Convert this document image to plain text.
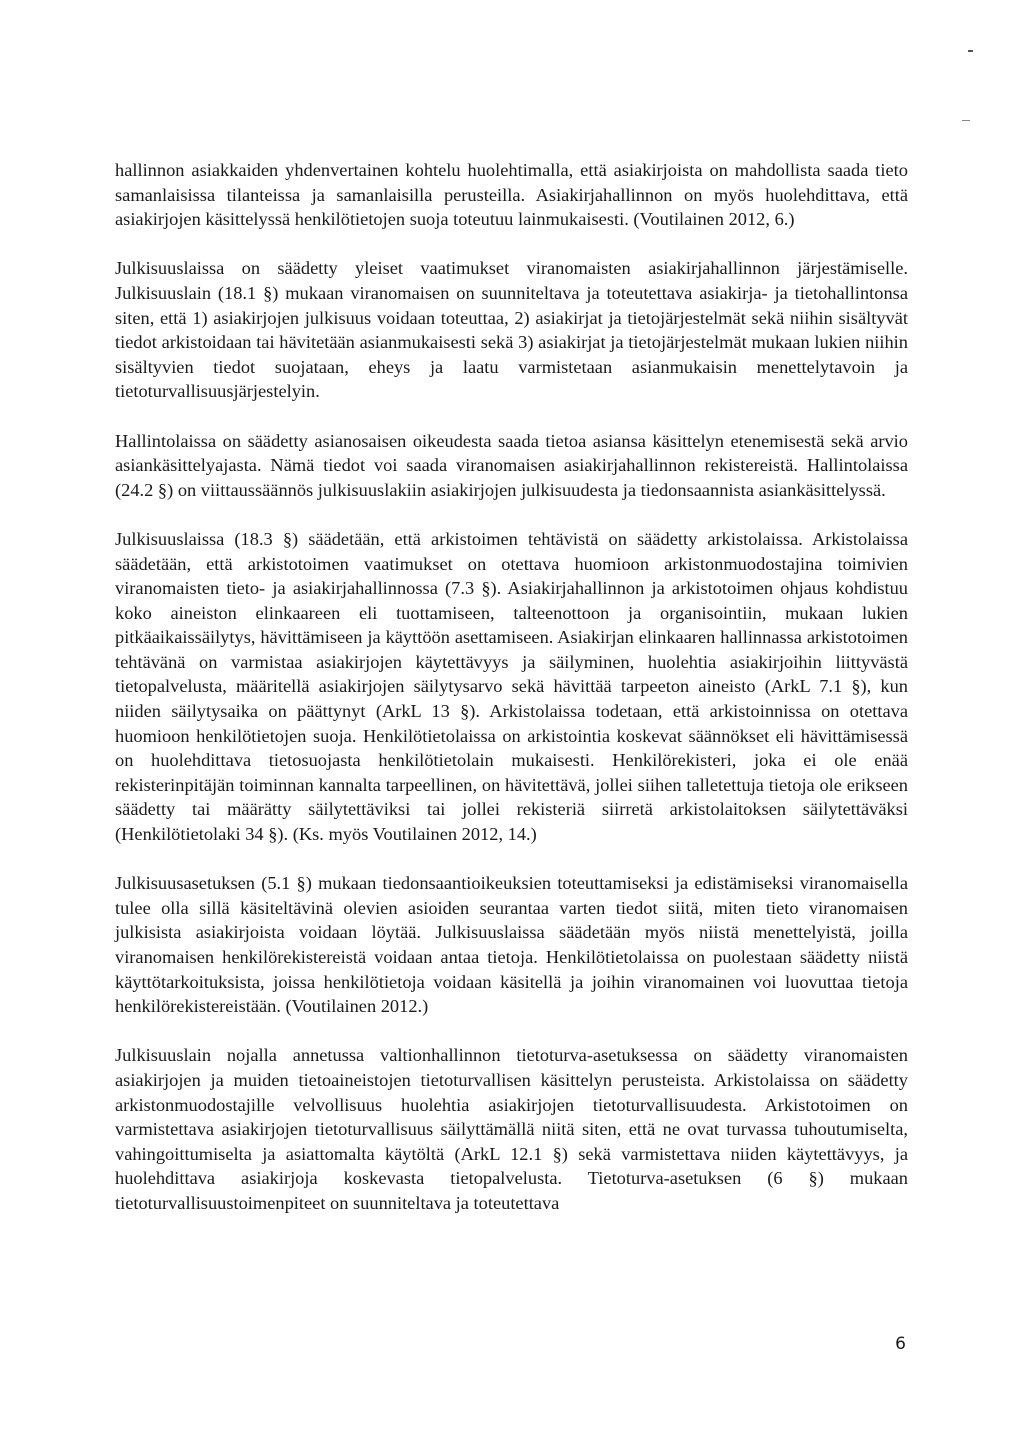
hallinnon asiakkaiden yhdenvertainen kohtelu huolehtimalla, että asiakirjoista on mahdollista saada tieto samanlaisissa tilanteissa ja samanlaisilla perusteilla. Asiakirjahallinnon on myös huolehdittava, että asiakirjojen käsittelyssä henkilötietojen suoja toteutuu lainmukaisesti. (Voutilainen 2012, 6.)

Julkisuuslaissa on säädetty yleiset vaatimukset viranomaisten asiakirjahallinnon järjestämiselle. Julkisuuslain (18.1 §) mukaan viranomaisen on suunniteltava ja toteutettava asiakirja- ja tietohallintonsa siten, että 1) asiakirjojen julkisuus voidaan toteuttaa, 2) asiakirjat ja tietojärjestelmät sekä niihin sisältyvät tiedot arkistoidaan tai hävitetään asianmukaisesti sekä 3) asiakirjat ja tietojärjestelmät mukaan lukien niihin sisältyvien tiedot suojataan, eheys ja laatu varmistetaan asianmukaisin menettelytavoin ja tietoturvallisuusjärjestelyin.

Hallintolaissa on säädetty asianosaisen oikeudesta saada tietoa asiansa käsittelyn etenemisestä sekä arvio asiankäsittelyajasta. Nämä tiedot voi saada viranomaisen asiakirjahallinnon rekistereistä. Hallintolaissa (24.2 §) on viittaussäännös julkisuuslakiin asiakirjojen julkisuudesta ja tiedonsaannista asiankäsittelyssä.

Julkisuuslaissa (18.3 §) säädetään, että arkistoimen tehtävistä on säädetty arkistolaissa. Arkistolaissa säädetään, että arkistotoimen vaatimukset on otettava huomioon arkistonmuodostajina toimivien viranomaisten tieto- ja asiakirjahallinnossa (7.3 §). Asiakirjahallinnon ja arkistotoimen ohjaus kohdistuu koko aineiston elinkaareen eli tuottamiseen, talteenottoon ja organisointiin, mukaan lukien pitkäaikaissäilytys, hävittämiseen ja käyttöön asettamiseen. Asiakirjan elinkaaren hallinnassa arkistotoimen tehtävänä on varmistaa asiakirjojen käytettävyys ja säilyminen, huolehtia asiakirjoihin liittyvästä tietopalvelusta, määritellä asiakirjojen säilytysarvo sekä hävittää tarpeeton aineisto (ArkL 7.1 §), kun niiden säilytysaika on päättynyt (ArkL 13 §). Arkistolaissa todetaan, että arkistoinnissa on otettava huomioon henkilötietojen suoja. Henkilötietolaissa on arkistointia koskevat säännökset eli hävittämisessä on huolehdittava tietosuojasta henkilötietolain mukaisesti. Henkilörekisteri, joka ei ole enää rekisterinpitäjän toiminnan kannalta tarpeellinen, on hävitettävä, jollei siihen talletettuja tietoja ole erikseen säädetty tai määrätty säilytettäviksi tai jollei rekisteriä siirretä arkistolaitoksen säilytettäväksi (Henkilötietolaki 34 §). (Ks. myös Voutilainen 2012, 14.)

Julkisuusasetuksen (5.1 §) mukaan tiedonsaantioikeuksien toteuttamiseksi ja edistämiseksi viranomaisella tulee olla sillä käsiteltävinä olevien asioiden seurantaa varten tiedot siitä, miten tieto viranomaisen julkisista asiakirjoista voidaan löytää. Julkisuuslaissa säädetään myös niistä menettelyistä, joilla viranomaisen henkilörekistereistä voidaan antaa tietoja. Henkilötietolaissa on puolestaan säädetty niistä käyttötarkoituksista, joissa henkilötietoja voidaan käsitellä ja joihin viranomainen voi luovuttaa tietoja henkilörekistereistään. (Voutilainen 2012.)

Julkisuuslain nojalla annetussa valtionhallinnon tietoturva-asetuksessa on säädetty viranomaisten asiakirjojen ja muiden tietoaineistojen tietoturvallisen käsittelyn perusteista. Arkistolaissa on säädetty arkistonmuodostajille velvollisuus huolehtia asiakirjojen tietoturvallisuudesta. Arkistotoimen on varmistettava asiakirjojen tietoturvallisuus säilyttämällä niitä siten, että ne ovat turvassa tuhoutumiselta, vahingoittumiselta ja asiattomalta käytöltä (ArkL 12.1 §) sekä varmistettava niiden käytettävyys, ja huolehdittava asiakirjoja koskevasta tietopalvelusta. Tietoturva-asetuksen (6 §) mukaan tietoturvallisuustoimenpiteet on suunniteltava ja toteutettava

6
